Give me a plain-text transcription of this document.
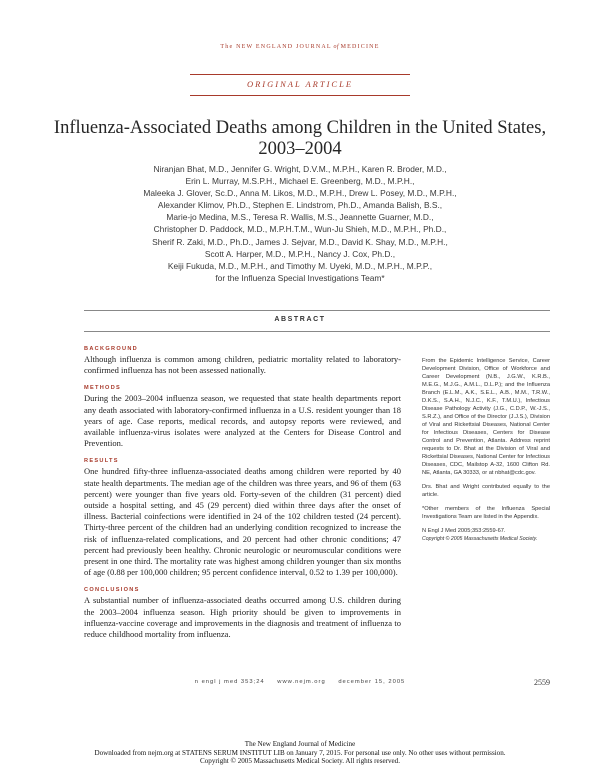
The NEW ENGLAND JOURNAL of MEDICINE
ORIGINAL ARTICLE
Influenza-Associated Deaths among Children in the United States, 2003–2004
Niranjan Bhat, M.D., Jennifer G. Wright, D.V.M., M.P.H., Karen R. Broder, M.D.,
Erin L. Murray, M.S.P.H., Michael E. Greenberg, M.D., M.P.H.,
Maleeka J. Glover, Sc.D., Anna M. Likos, M.D., M.P.H., Drew L. Posey, M.D., M.P.H.,
Alexander Klimov, Ph.D., Stephen E. Lindstrom, Ph.D., Amanda Balish, B.S.,
Marie-jo Medina, M.S., Teresa R. Wallis, M.S., Jeannette Guarner, M.D.,
Christopher D. Paddock, M.D., M.P.H.T.M., Wun-Ju Shieh, M.D., M.P.H., Ph.D.,
Sherif R. Zaki, M.D., Ph.D., James J. Sejvar, M.D., David K. Shay, M.D., M.P.H.,
Scott A. Harper, M.D., M.P.H., Nancy J. Cox, Ph.D.,
Keiji Fukuda, M.D., M.P.H., and Timothy M. Uyeki, M.D., M.P.H., M.P.P.,
for the Influenza Special Investigations Team*
ABSTRACT
BACKGROUND
Although influenza is common among children, pediatric mortality related to laboratory-confirmed influenza has not been assessed nationally.
METHODS
During the 2003–2004 influenza season, we requested that state health departments report any death associated with laboratory-confirmed influenza in a U.S. resident younger than 18 years of age. Case reports, medical records, and autopsy reports were reviewed, and available influenza-virus isolates were analyzed at the Centers for Disease Control and Prevention.
RESULTS
One hundred fifty-three influenza-associated deaths among children were reported by 40 state health departments. The median age of the children was three years, and 96 of them (63 percent) were younger than five years old. Forty-seven of the children (31 percent) died outside a hospital setting, and 45 (29 percent) died within three days after the onset of illness. Bacterial coinfections were identified in 24 of the 102 children tested (24 percent). Thirty-three percent of the children had an underlying condition recognized to increase the risk of influenza-related complications, and 20 percent had other chronic conditions; 47 percent had previously been healthy. Chronic neurologic or neuromuscular conditions were present in one third. The mortality rate was highest among children younger than six months of age (0.88 per 100,000 children; 95 percent confidence interval, 0.52 to 1.39 per 100,000).
CONCLUSIONS
A substantial number of influenza-associated deaths occurred among U.S. children during the 2003–2004 influenza season. High priority should be given to improvements in influenza-vaccine coverage and improvements in the diagnosis and treatment of influenza to reduce childhood mortality from influenza.

From the Epidemic Intelligence Service, Career Development Division, Office of Workforce and Career Development (N.B., J.G.W., K.R.B., M.E.G., M.J.G., A.M.L., D.L.P.); and the Influenza Branch (E.L.M., A.K., S.E.L., A.B., M.M., T.R.W., D.K.S., S.A.H., N.J.C., K.F., T.M.U.), Infectious Disease Pathology Activity (J.G., C.D.P., W.-J.S., S.R.Z.), and Office of the Director (J.J.S.), Division of Viral and Rickettsial Diseases, National Center for Infectious Diseases, Centers for Disease Control and Prevention, Atlanta. Address reprint requests to Dr. Bhat at the Division of Viral and Rickettsial Diseases, National Center for Infectious Diseases, CDC, Mailstop A-32, 1600 Clifton Rd. NE, Atlanta, GA 30333, or at nbhat@cdc.gov.

Drs. Bhat and Wright contributed equally to the article.

*Other members of the Influenza Special Investigations Team are listed in the Appendix.

N Engl J Med 2005;353:2559-67.

Copyright © 2005 Massachusetts Medical Society.

n engl j med 353;24 www.nejm.org december 15, 2005	2559
The New England Journal of Medicine
Downloaded from nejm.org at STATENS SERUM INSTITUT LIB on January 7, 2015. For personal use only. No other uses without permission.
Copyright © 2005 Massachusetts Medical Society. All rights reserved.
